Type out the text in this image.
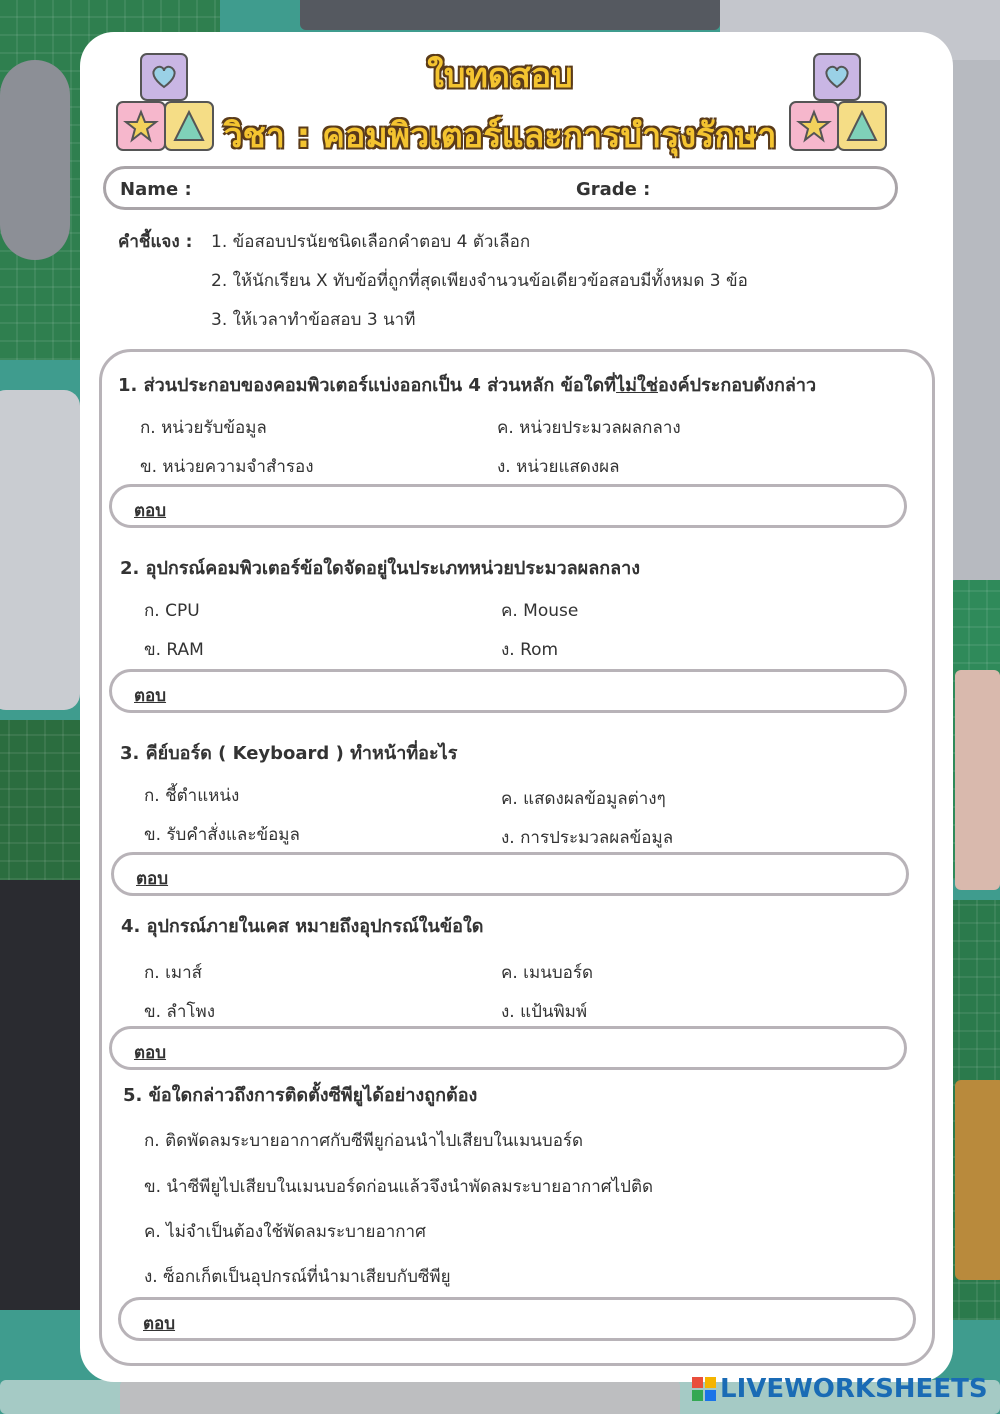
ใบทดสอบ
วิชา : คอมพิวเตอร์และการบำรุงรักษา
Name :	Grade :
คำชี้แจง : 1. ข้อสอบปรนัยชนิดเลือกคำตอบ 4 ตัวเลือก
2. ให้นักเรียน X ทับข้อที่ถูกที่สุดเพียงจำนวนข้อเดียวข้อสอบมีทั้งหมด 3 ข้อ
3. ให้เวลาทำข้อสอบ 3 นาที
1. ส่วนประกอบของคอมพิวเตอร์แบ่งออกเป็น 4 ส่วนหลัก ข้อใดที่ไม่ใช่องค์ประกอบดังกล่าว
ก. หน่วยรับข้อมูล	ค. หน่วยประมวลผลกลาง
ข. หน่วยความจำสำรอง	ง. หน่วยแสดงผล
ตอบ
2. อุปกรณ์คอมพิวเตอร์ข้อใดจัดอยู่ในประเภทหน่วยประมวลผลกลาง
ก. CPU	ค. Mouse
ข. RAM	ง. Rom
ตอบ
3. คีย์บอร์ด ( Keyboard ) ทำหน้าที่อะไร
ก. ชี้ตำแหน่ง	ค. แสดงผลข้อมูลต่างๆ
ข. รับคำสั่งและข้อมูล	ง. การประมวลผลข้อมูล
ตอบ
4. อุปกรณ์ภายในเคส หมายถึงอุปกรณ์ในข้อใด
ก. เมาส์	ค. เมนบอร์ด
ข. ลำโพง	ง. แป้นพิมพ์
ตอบ
5. ข้อใดกล่าวถึงการติดตั้งซีพียูได้อย่างถูกต้อง
ก. ติดพัดลมระบายอากาศกับซีพียูก่อนนำไปเสียบในเมนบอร์ด
ข. นำซีพียูไปเสียบในเมนบอร์ดก่อนแล้วจึงนำพัดลมระบายอากาศไปติด
ค. ไม่จำเป็นต้องใช้พัดลมระบายอากาศ
ง. ซ็อกเก็ตเป็นอุปกรณ์ที่นำมาเสียบกับซีพียู
ตอบ
LIVEWORKSHEETS
